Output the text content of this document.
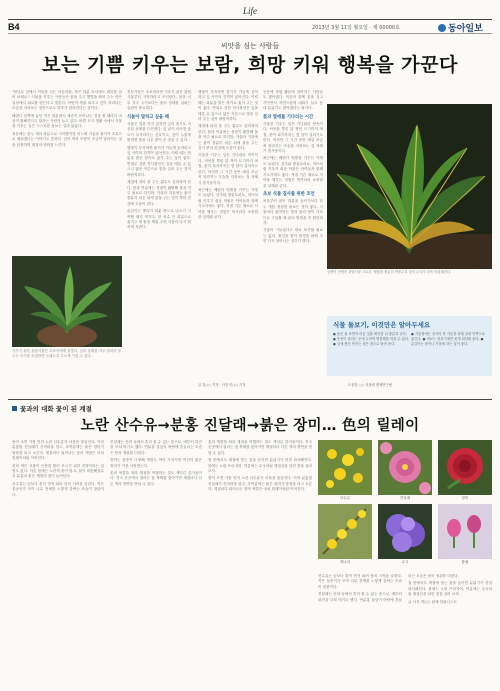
Life
B4	2013년 3월 11일 월요일 · 제 00000호	동아일보
씨앗을 심는 사람들
보는 기쁨 키우는 보람, 희망 키워 행복을 가꾼다

"봄나무 앞에서 씨앗을 심는 마음처럼, 작은 화분 하나에도 희망을 걸어 보세요." 식물을 키우는 사람들은 물을 주고 햇볕을 쬐어 주는 작은 일상에서 위로를 얻는다고 말한다. 씨앗이 싹을 틔우고 잎이 자라나는 모습을 지켜보는 것만으로도 하루가 달라진다는 것이다.

베란다 한쪽에 놓인 작은 화분에서 새순이 돋아나는 것을 볼 때마다 마음이 환해진다고 말하는 사람이 늘고 있다. 바쁜 도시 생활 속에서 식물을 키우는 일은 스스로를 돌보는 일과 닮았다.

처음에는 한두 개의 화분으로 시작했지만 어느새 거실과 창가가 초록으로 채워졌다는 이야기도 흔하다. 잎의 색과 모양이 조금씩 달라지는 것을 관찰하며 계절의 변화를 느낀다.

가꾸기 쉬운 관엽식물은 초보자에게 알맞다. 잎의 상태를 자주 살피며 물 주는 시기를 조절하면 오래도록 푸르게 키울 수 있다.

전문가들은 초보자라면 키우기 쉬운 관엽식물부터 시작하라고 조언한다. 물을 너무 자주 주기보다는 흙의 상태를 살피는 습관이 중요하다.

식물이 말하고 싶을 때

식물은 말을 하지 않지만 잎과 줄기로 자신의 상태를 드러낸다. 잎 끝이 마르면 습도가 부족하다는 신호이고, 잎이 누렇게 변하면 물을 너무 많이 준 것일 수 있다.

햇빛이 부족하면 줄기가 가늘게 웃자라고 잎 사이의 간격이 넓어진다. 이럴 때는 화분을 밝은 창가로 옮겨 주는 것이 좋다. 반대로 강한 직사광선은 잎을 태울 수 있으니 얇은 커튼으로 빛을 걸러 주는 것이 바람직하다.

계절에 따라 물 주는 횟수도 달라져야 한다. 봄과 여름에는 성장이 활발해 물을 자주 필요로 하지만, 가을과 겨울에는 흙이 충분히 마른 뒤에 물을 주는 것이 뿌리 건강에 도움이 된다.

분갈이는 뿌리가 화분 밖으로 나오기 시작할 때가 적기다. 한 치수 큰 화분으로 옮기고 새 흙을 채워 주면 식물이 다시 힘차게 자란다.

햇빛이 부족하면 줄기가 가늘게 웃자라고 잎 사이의 간격이 넓어진다. 이럴 때는 화분을 밝은 창가로 옮겨 주는 것이 좋다. 반대로 강한 직사광선은 잎을 태울 수 있으니 얇은 커튼으로 빛을 걸러 주는 것이 바람직하다.

계절에 따라 물 주는 횟수도 달라져야 한다. 봄과 여름에는 성장이 활발해 물을 자주 필요로 하지만, 가을과 겨울에는 흙이 충분히 마른 뒤에 물을 주는 것이 뿌리 건강에 도움이 된다.

식물을 키우는 일은 기다림의 연속이다. 씨앗을 뿌린 뒤 싹이 트기까지 며칠, 꽃이 피기까지는 몇 달이 걸리기도 한다. 하지만 그 시간 동안 매일 조금씩 달라지는 모습을 지켜보는 것 자체가 즐거움이다.

최근에는 베란다 텃밭을 가꾸는 가정도 늘었다. 상추와 방울토마토, 허브처럼 키우기 쉬운 작물은 아이들과 함께 기르기에도 좋다. 직접 기른 채소로 식탁을 채우는 경험은 먹거리의 소중함을 일깨워 준다.

공동체 정원 활동에 참여하는 사람들도 많아졌다. 이웃과 함께 꽃을 심고 가꾸면서 자연스럽게 대화가 늘고 동네 분위기도 밝아졌다는 평가다.

꽃과 열매를 기다리는 시간

식물을 키우는 일은 기다림의 연속이다. 씨앗을 뿌린 뒤 싹이 트기까지 며칠, 꽃이 피기까지는 몇 달이 걸리기도 한다. 하지만 그 시간 동안 매일 조금씩 달라지는 모습을 지켜보는 것 자체가 즐거움이다.

최근에는 베란다 텃밭을 가꾸는 가정도 늘었다. 상추와 방울토마토, 허브처럼 키우기 쉬운 작물은 아이들과 함께 기르기에도 좋다. 직접 기른 채소로 식탁을 채우는 경험은 먹거리의 소중함을 일깨워 준다.

초보 식물 집사를 위한 조언

처음부터 많은 화분을 들이기보다 한두 개를 정성껏 돌보는 것이 좋다. 식물마다 좋아하는 빛과 물의 양이 다르므로 구입할 때 관리 방법을 꼭 확인하자.

식물이 시들었다고 바로 포기할 필요는 없다. 원인을 찾아 환경을 바꿔 주면 다시 살아나는 경우가 많다.

잎맥이 선명한 관엽식물 크로톤. 햇빛을 충분히 받을수록 잎의 무늬가 더욱 또렷해진다.
식물 돌보기, 이것만은 알아두세요
● 물은 흙 표면이 마른 것을 확인한 뒤 충분히 준다. ● 통풍이 잘되는 곳에 두어야 병충해를 막을 수 있다. ● 잎에 쌓인 먼지는 젖은 천으로 닦아 준다.
● 겨울철에는 창가의 찬 기운을 피해 실내 안쪽으로 옮긴다. ● 비료는 성장기에만 묽게 희석해 준다. ● 분갈이는 봄이나 가을에 하는 것이 좋다.
글 김○○ 기자 · 사진 이○○ 기자	도움말 ○○ 식물원 원예연구팀
꽃과의 대화 꽃이 된 계절
노란 산수유→분홍 진달래→붉은 장미… 色의 릴레이

봄이 오면 가장 먼저 노란 산수유가 마을을 물들인다. 이어 분홍빛 진달래가 산자락을 덮고, 초여름에는 붉은 장미가 담장을 타고 오른다. 계절마다 피어나는 꽃의 색깔은 마치 릴레이처럼 이어진다.

꽃의 색은 식물이 곤충을 불러 모으기 위한 전략이라는 설명도 있다. 이른 봄에는 노란색 꽃이 많고, 날이 따뜻해질수록 분홍과 붉은 계열의 꽃이 늘어난다.

산수유는 잎보다 꽃이 먼저 피어 봄의 시작을 알린다. 작은 꽃송이가 모여 나무 전체를 노랗게 감싸는 모습이 장관이다.

진달래는 산과 들에서 흔히 볼 수 있는 꽃으로, 예부터 화전을 부쳐 먹기도 했다. 연분홍 꽃잎이 바람에 흔들리는 모습은 봄의 정취를 더한다.

장미는 품종이 다양해 색깔도 여러 가지지만 여전히 붉은 장미가 가장 사랑받는다.

꽃의 색깔을 따라 계절을 여행하는 것도 색다른 즐거움이다. 전국 곳곳에서 열리는 꽃 축제를 찾아가면 계절마다 다른 색의 향연을 만날 수 있다.

꽃의 색깔을 따라 계절을 여행하는 것도 색다른 즐거움이다. 전국 곳곳에서 열리는 꽃 축제를 찾아가면 계절마다 다른 색의 향연을 만날 수 있다.

집 안에서도 계절에 맞는 꽃을 들이면 분위기가 한결 화사해진다. 봄에는 노란 프리지어, 여름에는 수국처럼 계절감을 살린 꽃을 골라 보자.

봄이 오면 가장 먼저 노란 산수유가 마을을 물들인다. 이어 분홍빛 진달래가 산자락을 덮고, 초여름에는 붉은 장미가 담장을 타고 오른다. 계절마다 피어나는 꽃의 색깔은 마치 릴레이처럼 이어진다.

산수유	진달래	장미
개나리	수국	튤립

산수유는 잎보다 꽃이 먼저 피어 봄의 시작을 알린다. 작은 꽃송이가 모여 나무 전체를 노랗게 감싸는 모습이 장관이다.

진달래는 산과 들에서 흔히 볼 수 있는 꽃으로, 예부터 화전을 부쳐 먹기도 했다. 연분홍 꽃잎이 바람에 흔들리는 모습은 봄의 정취를 더한다.

집 안에서도 계절에 맞는 꽃을 들이면 분위기가 한결 화사해진다. 봄에는 노란 프리지어, 여름에는 수국처럼 계절감을 살린 꽃을 골라 보자.

글·사진 박○○ 원예 칼럼니스트
